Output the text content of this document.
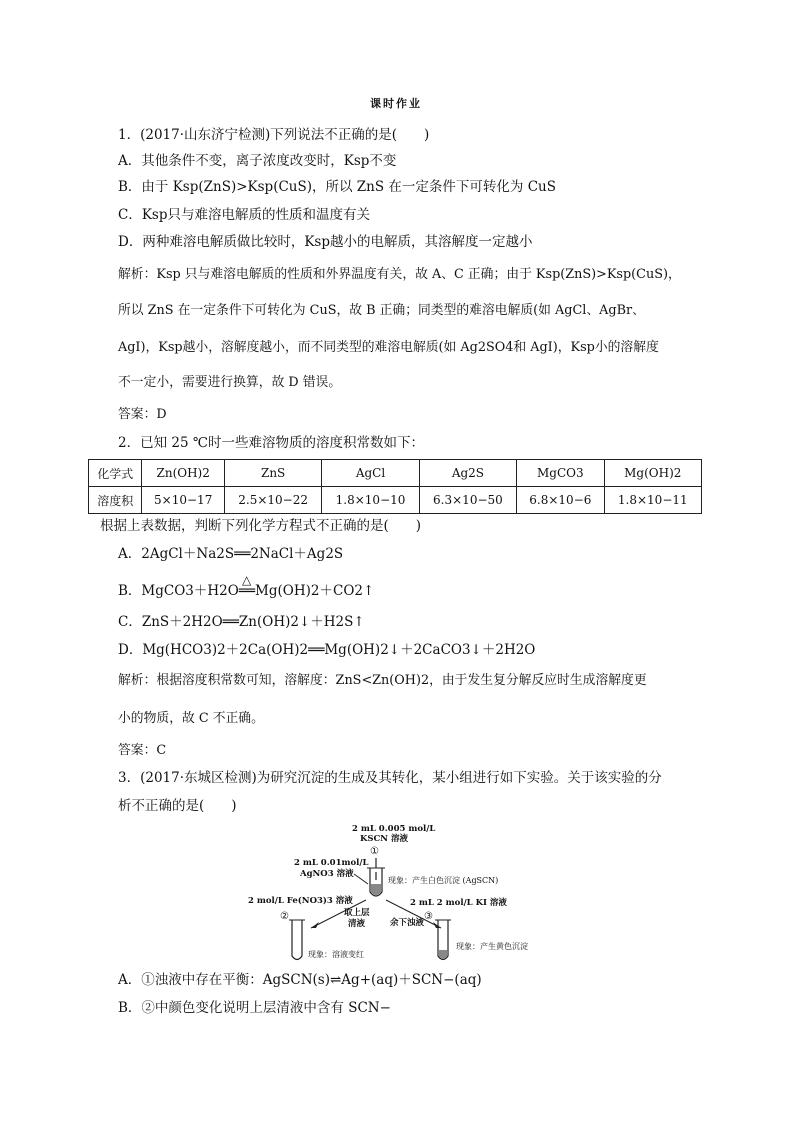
课时作业
1．(2017·山东济宁检测)下列说法不正确的是(　　)
A．其他条件不变，离子浓度改变时，Ksp不变
B．由于 Ksp(ZnS)>Ksp(CuS)，所以 ZnS 在一定条件下可转化为 CuS
C．Ksp只与难溶电解质的性质和温度有关
D．两种难溶电解质做比较时，Ksp越小的电解质，其溶解度一定越小
解析：Ksp 只与难溶电解质的性质和外界温度有关，故 A、C 正确；由于 Ksp(ZnS)>Ksp(CuS)，
所以 ZnS 在一定条件下可转化为 CuS，故 B 正确；同类型的难溶电解质(如 AgCl、AgBr、
AgI)，Ksp越小，溶解度越小，而不同类型的难溶电解质(如 Ag2SO4和 AgI)，Ksp小的溶解度
不一定小，需要进行换算，故 D 错误。
答案：D
2．已知 25 ℃时一些难溶物质的溶度积常数如下：
化学式	Zn(OH)2	ZnS	AgCl	Ag2S	MgCO3	Mg(OH)2
溶度积	5×10−17	2.5×10−22	1.8×10−10	6.3×10−50	6.8×10−6	1.8×10−11
根据上表数据，判断下列化学方程式不正确的是(　　)
A．2AgCl＋Na2S══2NaCl＋Ag2S
△
B．MgCO3＋H2O══Mg(OH)2＋CO2↑
C．ZnS＋2H2O══Zn(OH)2↓＋H2S↑
D．Mg(HCO3)2＋2Ca(OH)2══Mg(OH)2↓＋2CaCO3↓＋2H2O
解析：根据溶度积常数可知，溶解度：ZnS<Zn(OH)2，由于发生复分解反应时生成溶解度更
小的物质，故 C 不正确。
答案：C
3．(2017·东城区检测)为研究沉淀的生成及其转化，某小组进行如下实验。关于该实验的分
析不正确的是(　　)
2 mL 0.005 mol/L
KSCN 溶液
①
2 mL 0.01mol/L
AgNO3 溶液
现象：产生白色沉淀 (AgSCN)
2 mol/L Fe(NO3)3 溶液
②	取上层
清液	余下浊液
2 mL 2 mol/L KI 溶液
③
现象：溶液变红
现象：产生黄色沉淀
A．①浊液中存在平衡：AgSCN(s)⇌Ag+(aq)＋SCN−(aq)
B．②中颜色变化说明上层清液中含有 SCN−
